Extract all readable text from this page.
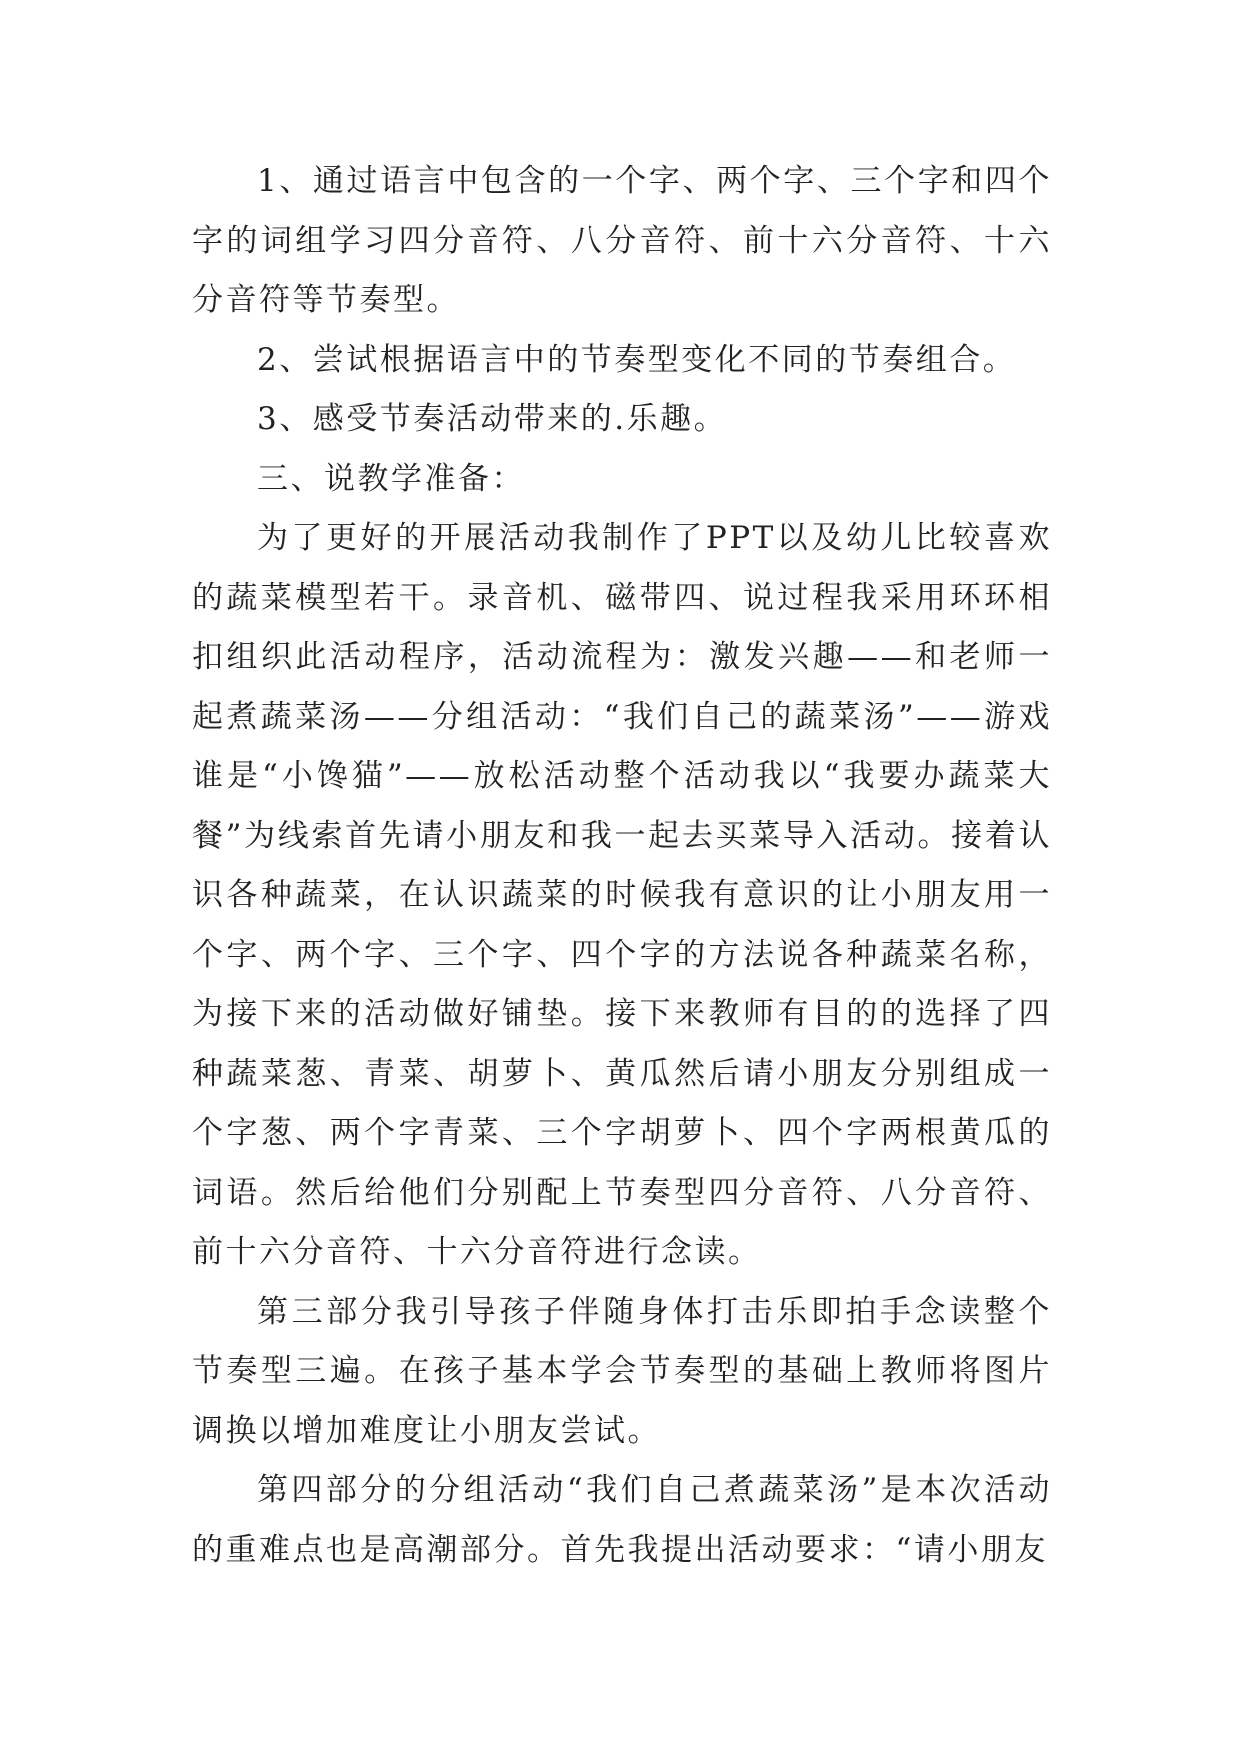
1、通过语言中包含的一个字、两个字、三个字和四个字的词组学习四分音符、八分音符、前十六分音符、十六分音符等节奏型。

2、尝试根据语言中的节奏型变化不同的节奏组合。

3、感受节奏活动带来的.乐趣。

三、说教学准备：

为了更好的开展活动我制作了PPT以及幼儿比较喜欢的蔬菜模型若干。录音机、磁带四、说过程我采用环环相扣组织此活动程序，活动流程为：激发兴趣——和老师一起煮蔬菜汤——分组活动：“我们自己的蔬菜汤”——游戏谁是“小馋猫”——放松活动整个活动我以“我要办蔬菜大餐”为线索首先请小朋友和我一起去买菜导入活动。接着认识各种蔬菜，在认识蔬菜的时候我有意识的让小朋友用一个字、两个字、三个字、四个字的方法说各种蔬菜名称，为接下来的活动做好铺垫。接下来教师有目的的选择了四种蔬菜葱、青菜、胡萝卜、黄瓜然后请小朋友分别组成一个字葱、两个字青菜、三个字胡萝卜、四个字两根黄瓜的词语。然后给他们分别配上节奏型四分音符、八分音符、前十六分音符、十六分音符进行念读。

第三部分我引导孩子伴随身体打击乐即拍手念读整个节奏型三遍。在孩子基本学会节奏型的基础上教师将图片调换以增加难度让小朋友尝试。

第四部分的分组活动“我们自己煮蔬菜汤”是本次活动的重难点也是高潮部分。首先我提出活动要求：“请小朋友
